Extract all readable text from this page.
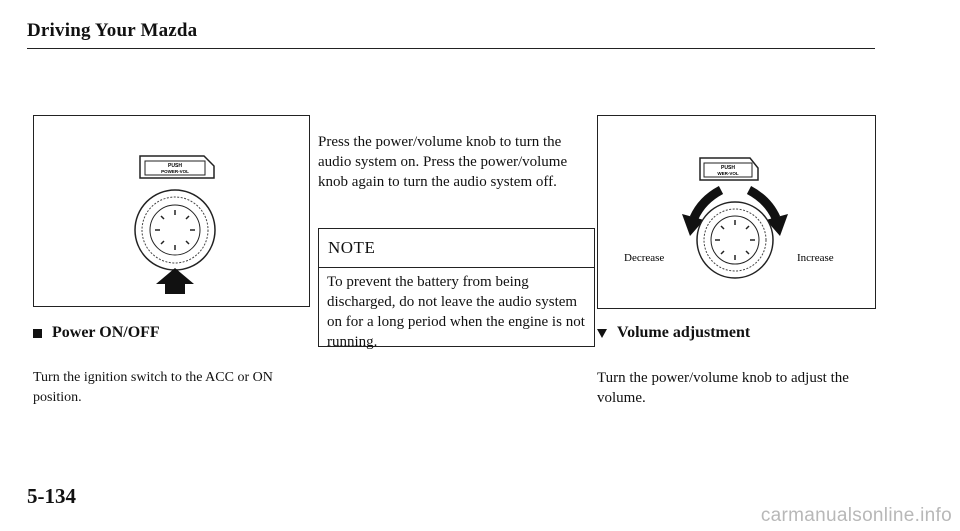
Driving Your Mazda
PUSH
POWER-VOL
Power ON/OFF
Turn the ignition switch to the ACC or ON position.
Press the power/volume knob to turn the audio system on. Press the power/volume knob again to turn the audio system off.
NOTE
To prevent the battery from being discharged, do not leave the audio system on for a long period when the engine is not running.
PUSH
WER-VOL
Decrease	Increase
Volume adjustment
Turn the power/volume knob to adjust the volume.
5-134
carmanualsonline.info
